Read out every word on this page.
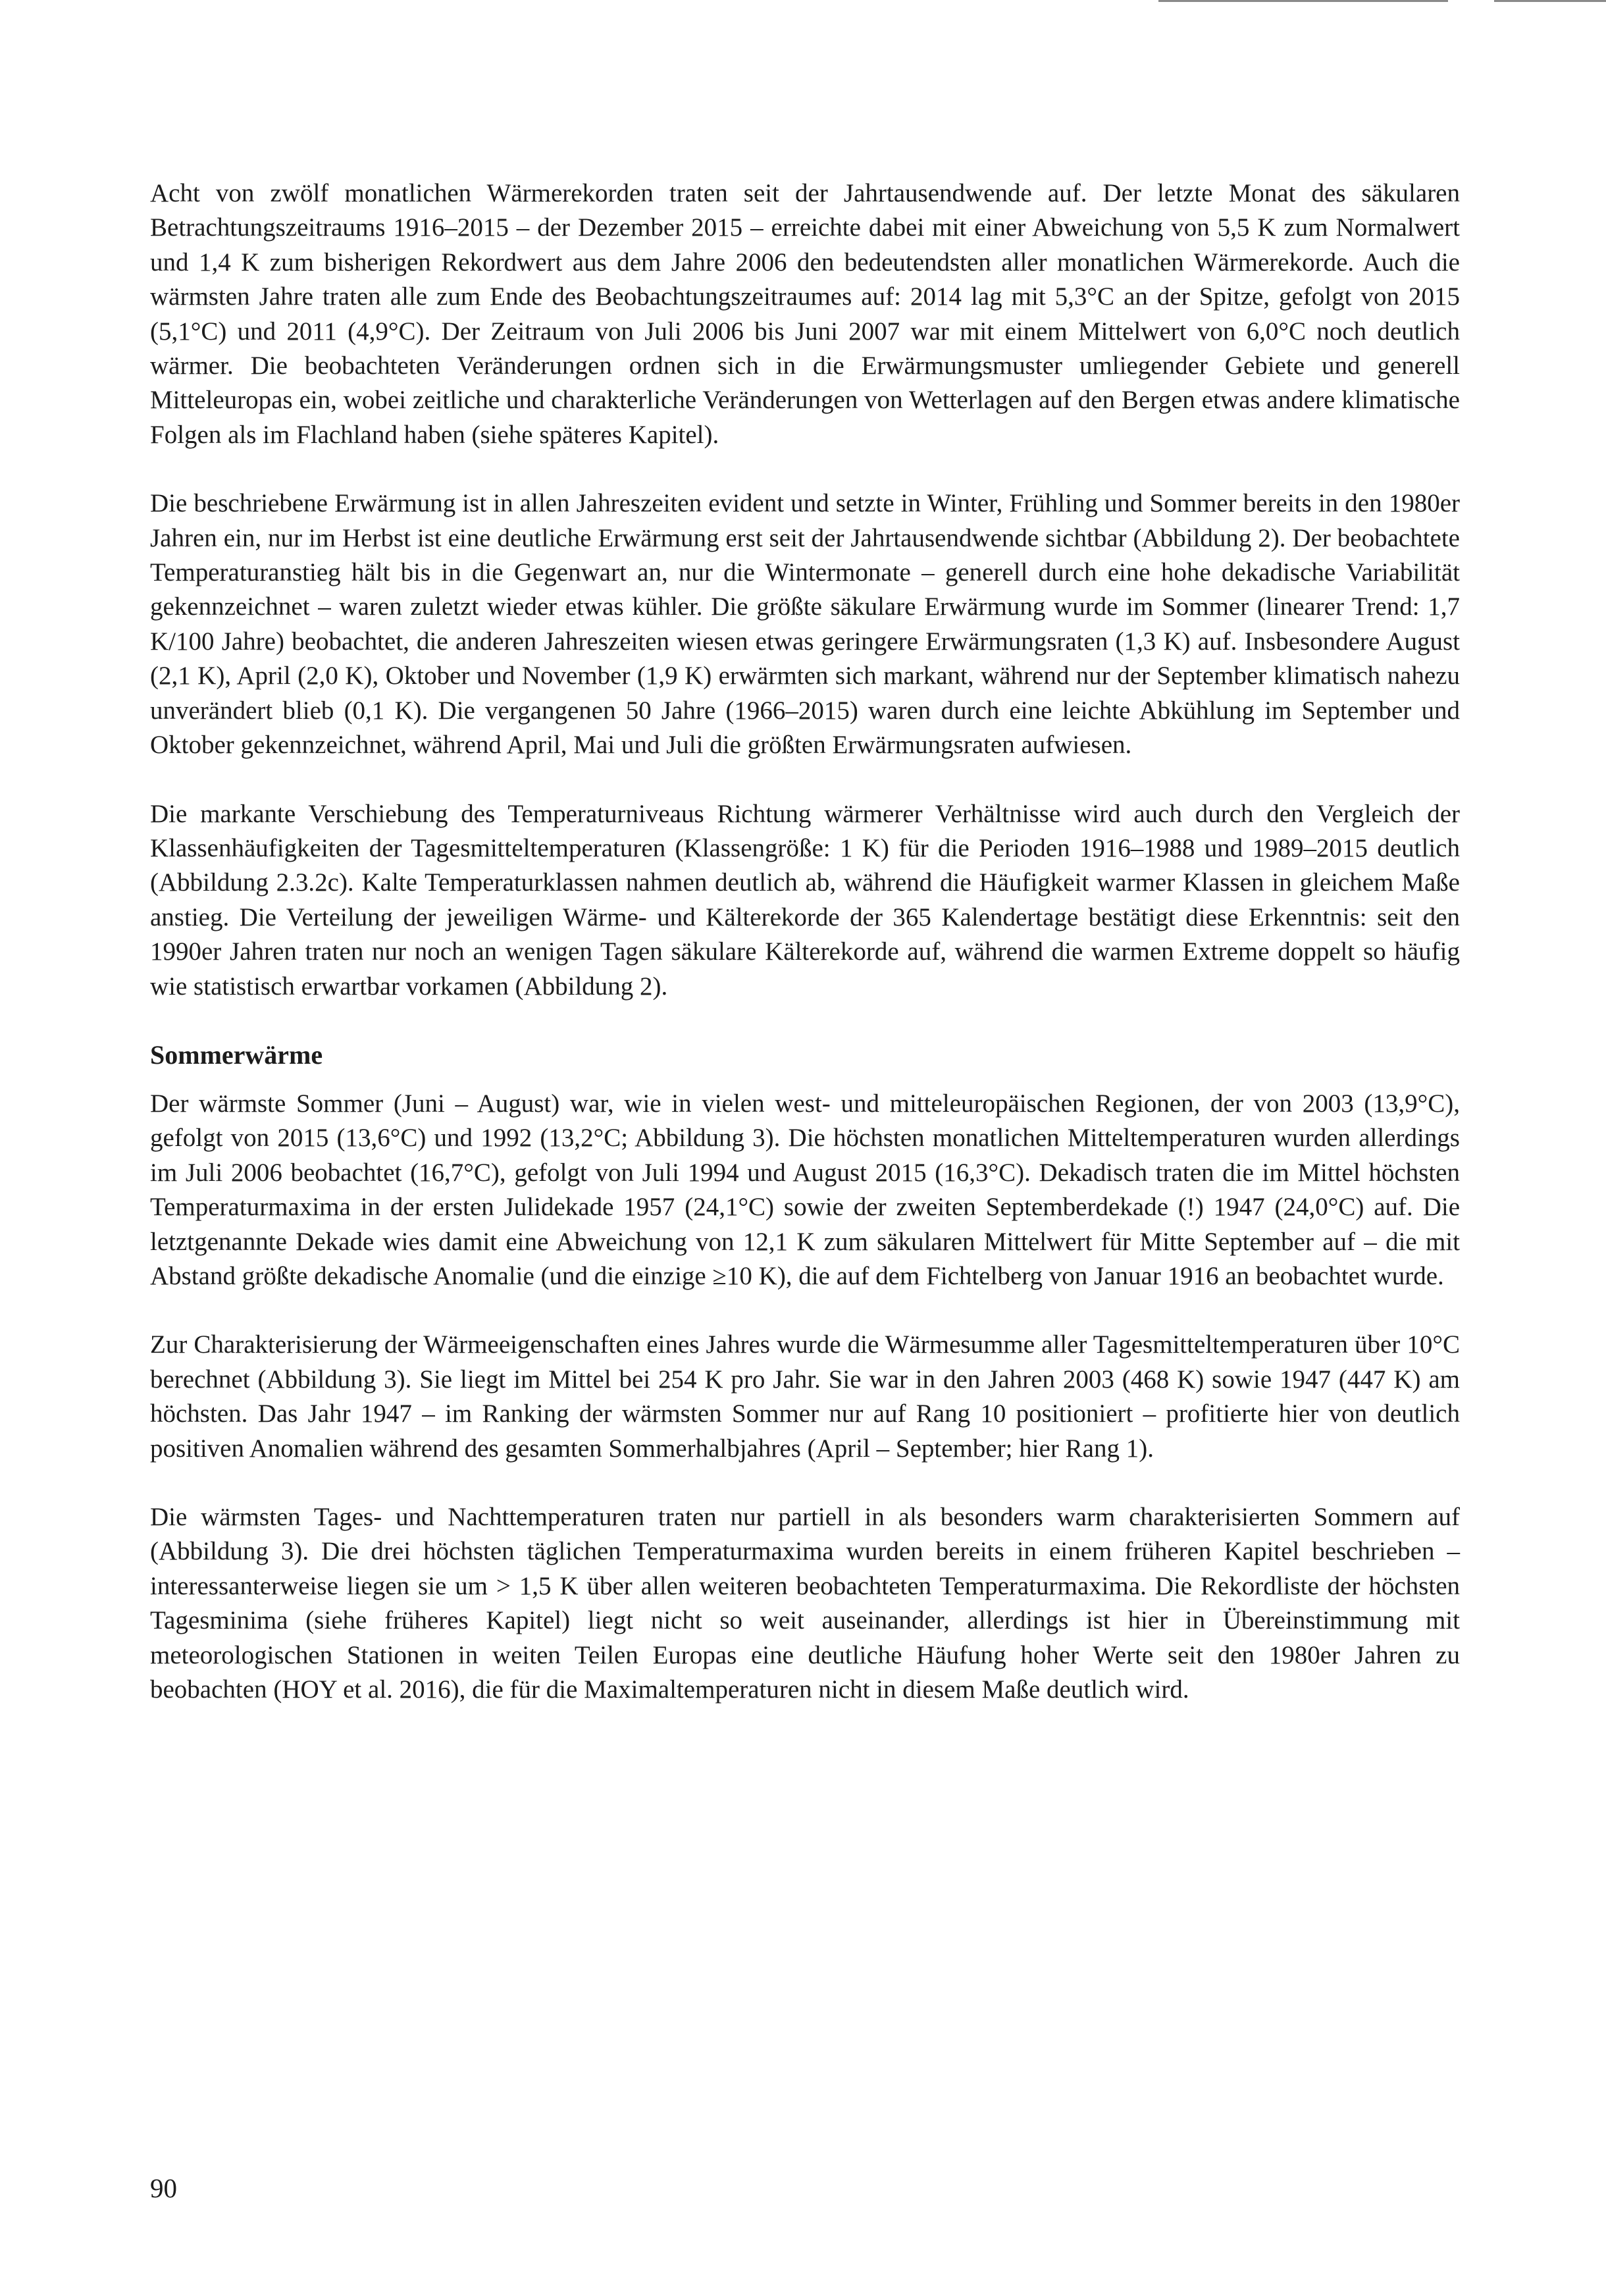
Acht von zwölf monatlichen Wärmerekorden traten seit der Jahrtausendwende auf. Der letzte Monat des säkularen Betrachtungszeitraums 1916–2015 – der Dezember 2015 – erreichte dabei mit einer Abweichung von 5,5 K zum Normalwert und 1,4 K zum bisherigen Rekordwert aus dem Jahre 2006 den bedeutendsten aller monatlichen Wärmerekorde. Auch die wärmsten Jahre traten alle zum Ende des Beobachtungszeitraumes auf: 2014 lag mit 5,3°C an der Spitze, gefolgt von 2015 (5,1°C) und 2011 (4,9°C). Der Zeitraum von Juli 2006 bis Juni 2007 war mit einem Mittelwert von 6,0°C noch deutlich wärmer. Die beobachteten Veränderungen ordnen sich in die Erwärmungsmuster umliegender Gebiete und generell Mitteleuropas ein, wobei zeitliche und charakterliche Veränderungen von Wetterlagen auf den Bergen etwas andere klimatische Folgen als im Flachland haben (siehe späteres Kapitel).

Die beschriebene Erwärmung ist in allen Jahreszeiten evident und setzte in Winter, Frühling und Sommer bereits in den 1980er Jahren ein, nur im Herbst ist eine deutliche Erwärmung erst seit der Jahrtausendwende sichtbar (Abbildung 2). Der beobachtete Temperaturanstieg hält bis in die Gegenwart an, nur die Wintermonate – generell durch eine hohe dekadische Variabilität gekennzeichnet – waren zuletzt wieder etwas kühler. Die größte säkulare Erwärmung wurde im Sommer (linearer Trend: 1,7 K/100 Jahre) beobachtet, die anderen Jahreszeiten wiesen etwas geringere Erwärmungsraten (1,3 K) auf. Insbesondere August (2,1 K), April (2,0 K), Oktober und November (1,9 K) erwärmten sich markant, während nur der September klimatisch nahezu unverändert blieb (0,1 K). Die vergangenen 50 Jahre (1966–2015) waren durch eine leichte Abkühlung im September und Oktober gekennzeichnet, während April, Mai und Juli die größten Erwärmungsraten aufwiesen.

Die markante Verschiebung des Temperaturniveaus Richtung wärmerer Verhältnisse wird auch durch den Vergleich der Klassenhäufigkeiten der Tagesmitteltemperaturen (Klassengröße: 1 K) für die Perioden 1916–1988 und 1989–2015 deutlich (Abbildung 2.3.2c). Kalte Temperaturklassen nahmen deutlich ab, während die Häufigkeit warmer Klassen in gleichem Maße anstieg. Die Verteilung der jeweiligen Wärme- und Kälterekorde der 365 Kalendertage bestätigt diese Erkenntnis: seit den 1990er Jahren traten nur noch an wenigen Tagen säkulare Kälterekorde auf, während die warmen Extreme doppelt so häufig wie statistisch erwartbar vorkamen (Abbildung 2).

Sommerwärme

Der wärmste Sommer (Juni – August) war, wie in vielen west- und mitteleuropäischen Regionen, der von 2003 (13,9°C), gefolgt von 2015 (13,6°C) und 1992 (13,2°C; Abbildung 3). Die höchsten monatlichen Mitteltemperaturen wurden allerdings im Juli 2006 beobachtet (16,7°C), gefolgt von Juli 1994 und August 2015 (16,3°C). Dekadisch traten die im Mittel höchsten Temperaturmaxima in der ersten Julidekade 1957 (24,1°C) sowie der zweiten Septemberdekade (!) 1947 (24,0°C) auf. Die letztgenannte Dekade wies damit eine Abweichung von 12,1 K zum säkularen Mittelwert für Mitte September auf – die mit Abstand größte dekadische Anomalie (und die einzige ≥10 K), die auf dem Fichtelberg von Januar 1916 an beobachtet wurde.

Zur Charakterisierung der Wärmeeigenschaften eines Jahres wurde die Wärmesumme aller Tagesmitteltemperaturen über 10°C berechnet (Abbildung 3). Sie liegt im Mittel bei 254 K pro Jahr. Sie war in den Jahren 2003 (468 K) sowie 1947 (447 K) am höchsten. Das Jahr 1947 – im Ranking der wärmsten Sommer nur auf Rang 10 positioniert – profitierte hier von deutlich positiven Anomalien während des gesamten Sommerhalbjahres (April – September; hier Rang 1).

Die wärmsten Tages- und Nachttemperaturen traten nur partiell in als besonders warm charakterisierten Sommern auf (Abbildung 3). Die drei höchsten täglichen Temperaturmaxima wurden bereits in einem früheren Kapitel beschrieben – interessanterweise liegen sie um > 1,5 K über allen weiteren beobachteten Temperaturmaxima. Die Rekordliste der höchsten Tagesminima (siehe früheres Kapitel) liegt nicht so weit auseinander, allerdings ist hier in Übereinstimmung mit meteorologischen Stationen in weiten Teilen Europas eine deutliche Häufung hoher Werte seit den 1980er Jahren zu beobachten (HOY et al. 2016), die für die Maximaltemperaturen nicht in diesem Maße deutlich wird.

90
